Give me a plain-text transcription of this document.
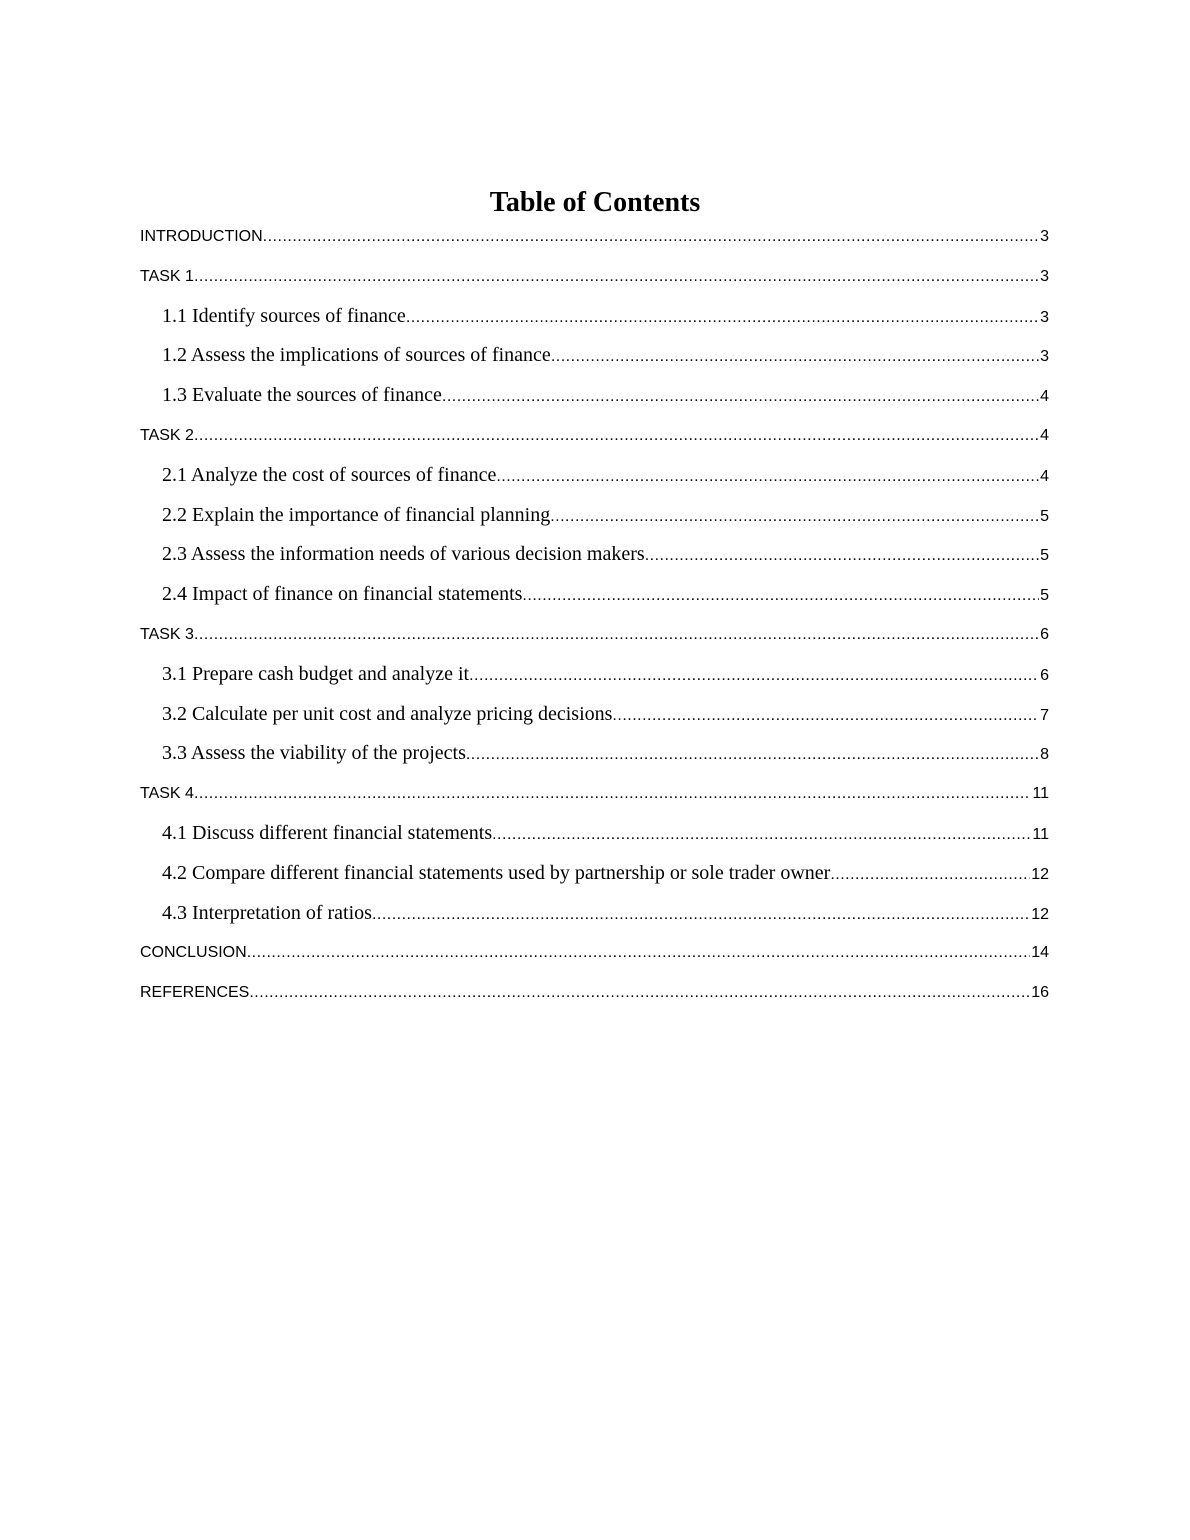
Table of Contents
INTRODUCTION .....	3
TASK 1 .....	3
1.1 Identify sources of finance .....	3
1.2 Assess the implications of sources of finance .....	3
1.3 Evaluate the sources of finance .....	4
TASK 2 .....	4
2.1 Analyze the cost of sources of finance .....	4
2.2 Explain the importance of financial planning .....	5
2.3 Assess the information needs of various decision makers .....	5
2.4 Impact of finance on financial statements .....	5
TASK 3 .....	6
3.1 Prepare cash budget and analyze it .....	6
3.2 Calculate per unit cost and analyze pricing decisions .....	7
3.3 Assess the viability of the projects .....	8
TASK 4 .....	11
4.1 Discuss different financial statements .....	11
4.2 Compare different financial statements used by partnership or sole trader owner .....	12
4.3 Interpretation of ratios .....	12
CONCLUSION .....	14
REFERENCES .....	16
